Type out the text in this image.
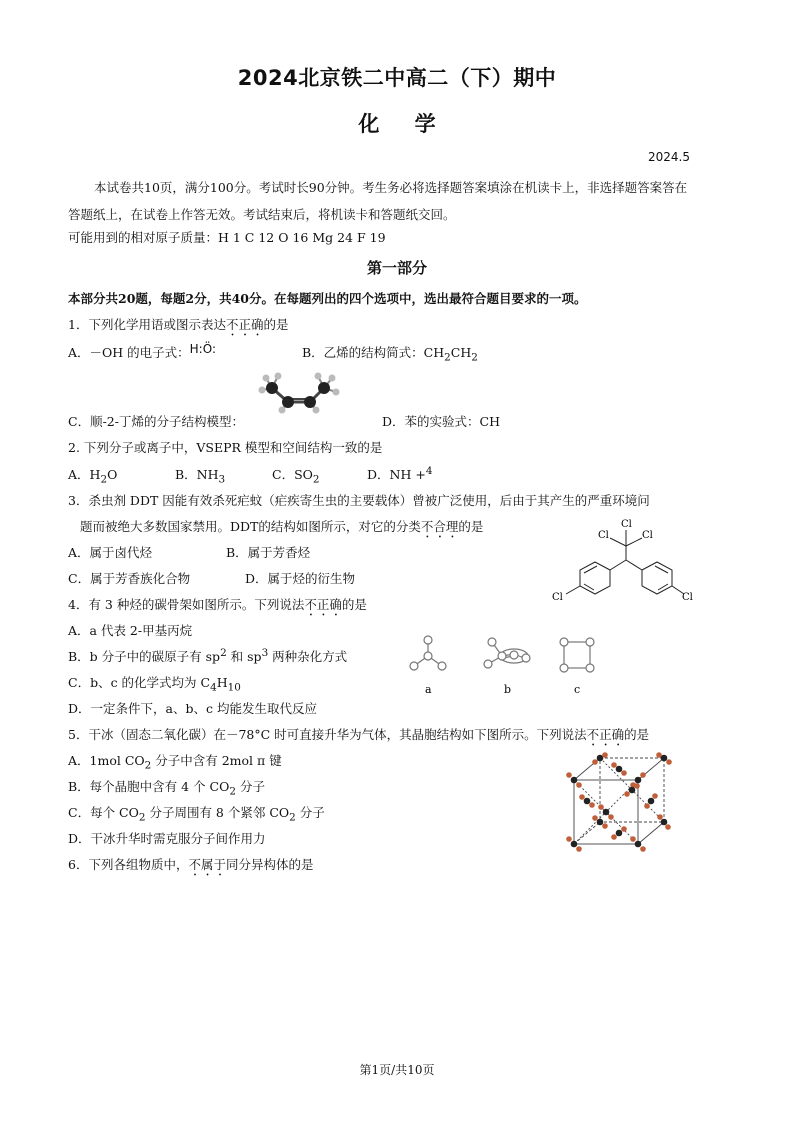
2024北京铁二中高二（下）期中
化 学
2024.5
本试卷共10页，满分100分。考试时长90分钟。考生务必将选择题答案填涂在机读卡上，非选择题答案答在答题纸上，在试卷上作答无效。考试结束后，将机读卡和答题纸交回。
可能用到的相对原子质量：H 1 C 12 O 16 Mg 24 F 19
第一部分
本部分共20题，每题2分，共40分。在每题列出的四个选项中，选出最符合题目要求的一项。
1．下列化学用语或图示表达不正确的是
A．－OH 的电子式：H:Ö:	B．乙烯的结构简式：$CH_2CH_2$
C．顺-2-丁烯的分子结构模型：	D．苯的实验式：CH
2. 下列分子或离子中，VSEPR 模型和空间结构一致的是
A．$H_2O$	B．$NH_3$	C．$SO_2$	D．NH +$^4$
3．杀虫剂 DDT 因能有效杀死疟蚊（疟疾寄生虫的主要载体）曾被广泛使用，后由于其产生的严重环境问
题而被绝大多数国家禁用。DDT的结构如图所示，对它的分类不合理的是
A．属于卤代烃	B．属于芳香烃
C．属于芳香族化合物	D．属于烃的衍生物
Cl
Cl	Cl
Cl	Cl
4．有 3 种烃的碳骨架如图所示。下列说法不正确的是
A．a 代表 2-甲基丙烷
B．b 分子中的碳原子有 $sp^2$ 和 $sp^3$ 两种杂化方式
C．b、c 的化学式均为 $C_4H_{10}$
D．一定条件下，a、b、c 均能发生取代反应
a	b	c
5．干冰（固态二氧化碳）在－78°C 时可直接升华为气体，其晶胞结构如下图所示。下列说法不正确的是
A．1mol $CO_2$ 分子中含有 2mol π 键
B．每个晶胞中含有 4 个 $CO_2$ 分子
C．每个 $CO_2$ 分子周围有 8 个紧邻 $CO_2$ 分子
D．干冰升华时需克服分子间作用力
6．下列各组物质中，不属于同分异构体的是
第1页/共10页
